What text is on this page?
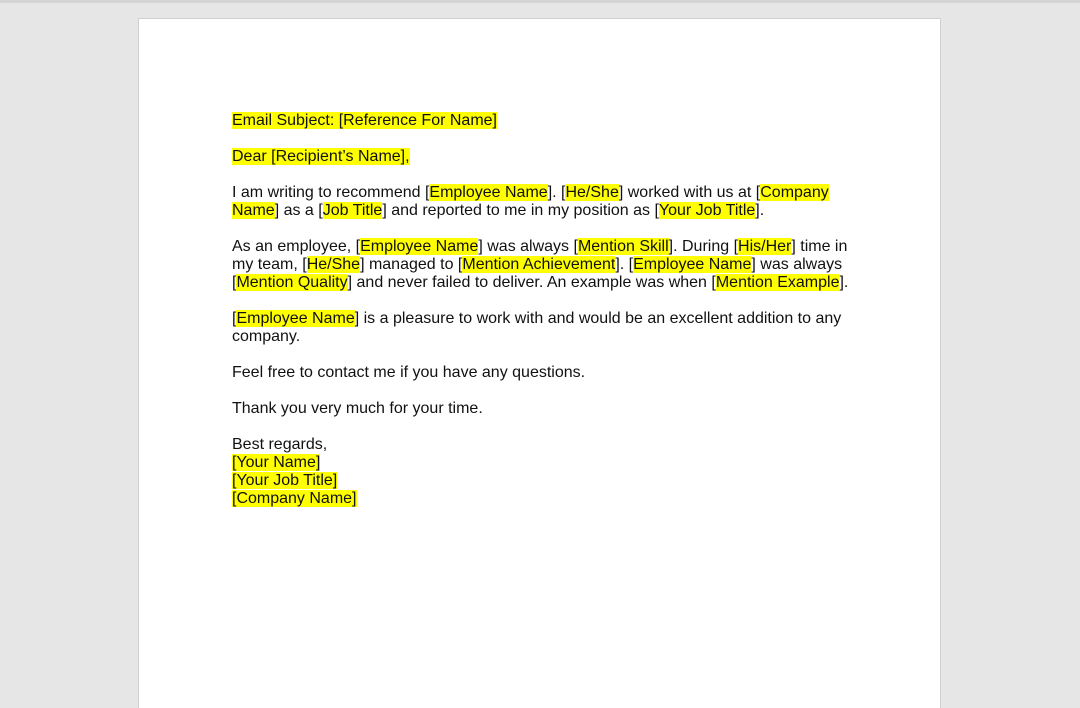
Email Subject: [Reference For Name]

Dear [Recipient’s Name],

I am writing to recommend [Employee Name]. [He/She] worked with us at [Company
Name] as a [Job Title] and reported to me in my position as [Your Job Title].

As an employee, [Employee Name] was always [Mention Skill]. During [His/Her] time in
my team, [He/She] managed to [Mention Achievement]. [Employee Name] was always
[Mention Quality] and never failed to deliver. An example was when [Mention Example].

[Employee Name] is a pleasure to work with and would be an excellent addition to any
company.

Feel free to contact me if you have any questions.

Thank you very much for your time.

Best regards,
[Your Name]
[Your Job Title]
[Company Name]
